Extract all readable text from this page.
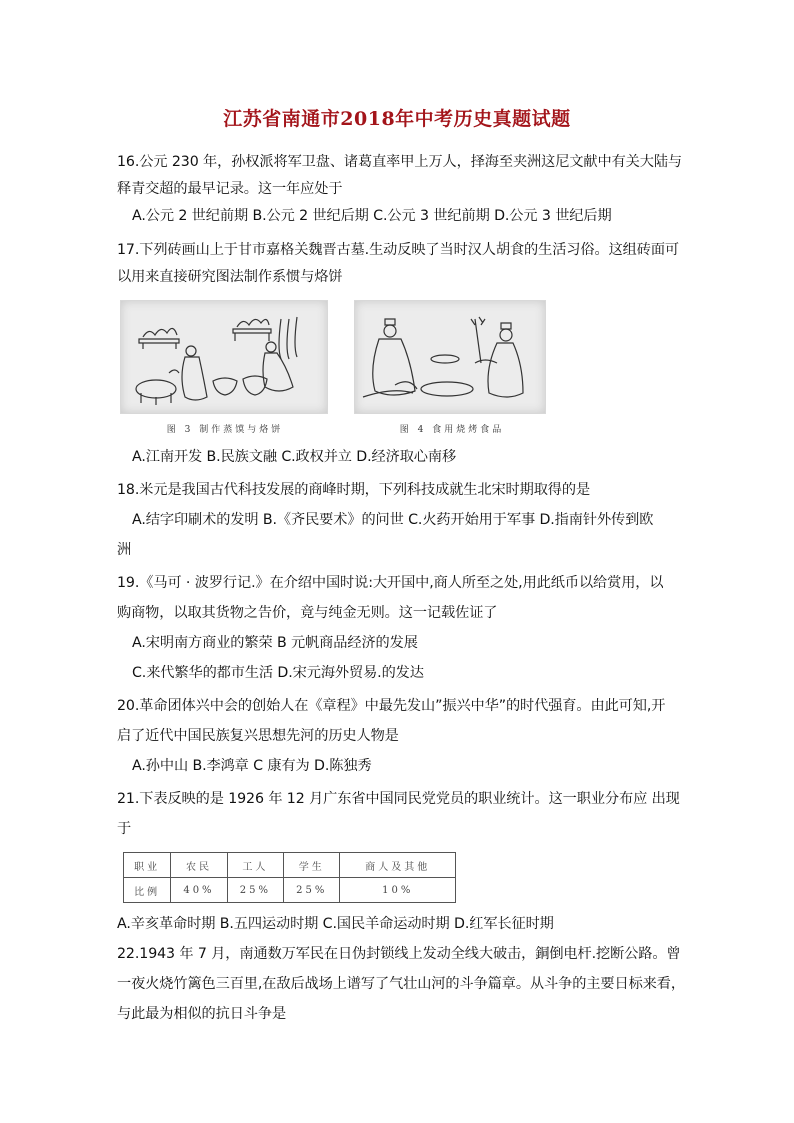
江苏省南通市2018年中考历史真题试题
16.公元 230 年，孙权派将军卫盘、诸葛直率甲上万人，择海至夹洲这尼文献中有关大陆与
释青交超的最早记录。这一年应处于
A.公元 2 世纪前期 B.公元 2 世纪后期 C.公元 3 世纪前期 D.公元 3 世纪后期
17.下列砖画山上于甘市嘉格关魏晋古墓.生动反映了当时汉人胡食的生活习俗。这组砖面可
以用来直接研究图法制作系惯与烙饼
图 3 制作蒸馍与烙饼	图 4 食用烧烤食品
A.江南开发 B.民族文融 C.政权并立 D.经济取心南移
18.米元是我国古代科技发展的商峰时期，下列科技成就生北宋时期取得的是
A.结字印刷术的发明 B.《齐民要术》的问世 C.火药开始用于军事 D.指南针外传到欧
洲
19.《马可 · 波罗行记.》在介绍中国时说:大开国中,商人所至之处,用此纸币以给赏用，以
购商物，以取其货物之告价，竟与纯金无则。这一记载佐证了
A.宋明南方商业的繁荣 B 元帆商品经济的发展
C.来代繁华的都市生活 D.宋元海外贸易.的发达
20.革命团体兴中会的创始人在《章程》中最先发山”振兴中华”的时代强育。由此可知,开
启了近代中国民族复兴思想先河的历史人物是
A.孙中山 B.李鸿章 C 康有为 D.陈独秀
21.下表反映的是 1926 年 12 月广东省中国同民党党员的职业统计。这一职业分布应 出现
于
职业	农民	工人	学生	商人及其他
比例	40%	25%	25%	10%
A.辛亥革命时期 B.五四运动时期 C.国民羊命运动时期 D.红军长征时期
22.1943 年 7 月，南通数万军民在日伪封锁线上发动全线大破击，銅倒电杆.挖断公路。曾
一夜火烧竹篱色三百里,在敌后战场上谱写了气壮山河的斗争篇章。从斗争的主要日标来看，
与此最为相似的抗日斗争是
